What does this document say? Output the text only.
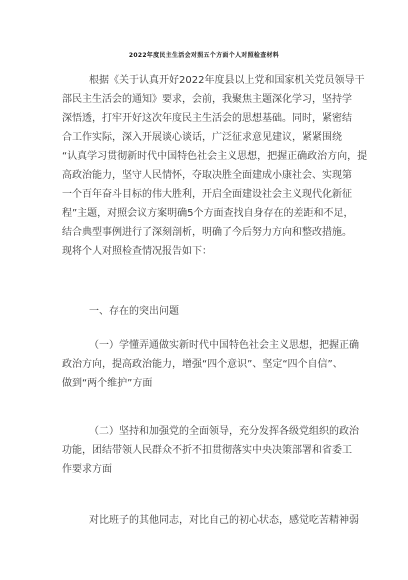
2022年度民主生活会对照五个方面个人对照检查材料
根据《关于认真开好2022年度县以上党和国家机关党员领导干
部民主生活会的通知》要求，会前，我聚焦主题深化学习，坚持学
深悟透，打牢开好这次年度民主生活会的思想基础。同时，紧密结
合工作实际，深入开展谈心谈话，广泛征求意见建议，紧紧围绕
“认真学习贯彻新时代中国特色社会主义思想，把握正确政治方向，提
高政治能力，坚守人民情怀，夺取决胜全面建成小康社会、实现第
一个百年奋斗目标的伟大胜利，开启全面建设社会主义现代化新征
程”主题，对照会议方案明确5个方面查找自身存在的差距和不足，
结合典型事例进行了深刻剖析，明确了今后努力方向和整改措施。
现将个人对照检查情况报告如下：
一、存在的突出问题
（一）学懂弄通做实新时代中国特色社会主义思想，把握正确
政治方向，提高政治能力，增强“四个意识”、坚定“四个自信”、
做到“两个维护”方面
（二）坚持和加强党的全面领导，充分发挥各级党组织的政治
功能，团结带领人民群众不折不扣贯彻落实中央决策部署和省委工
作要求方面
对比班子的其他同志，对比自己的初心状态，感觉吃苦精神弱
